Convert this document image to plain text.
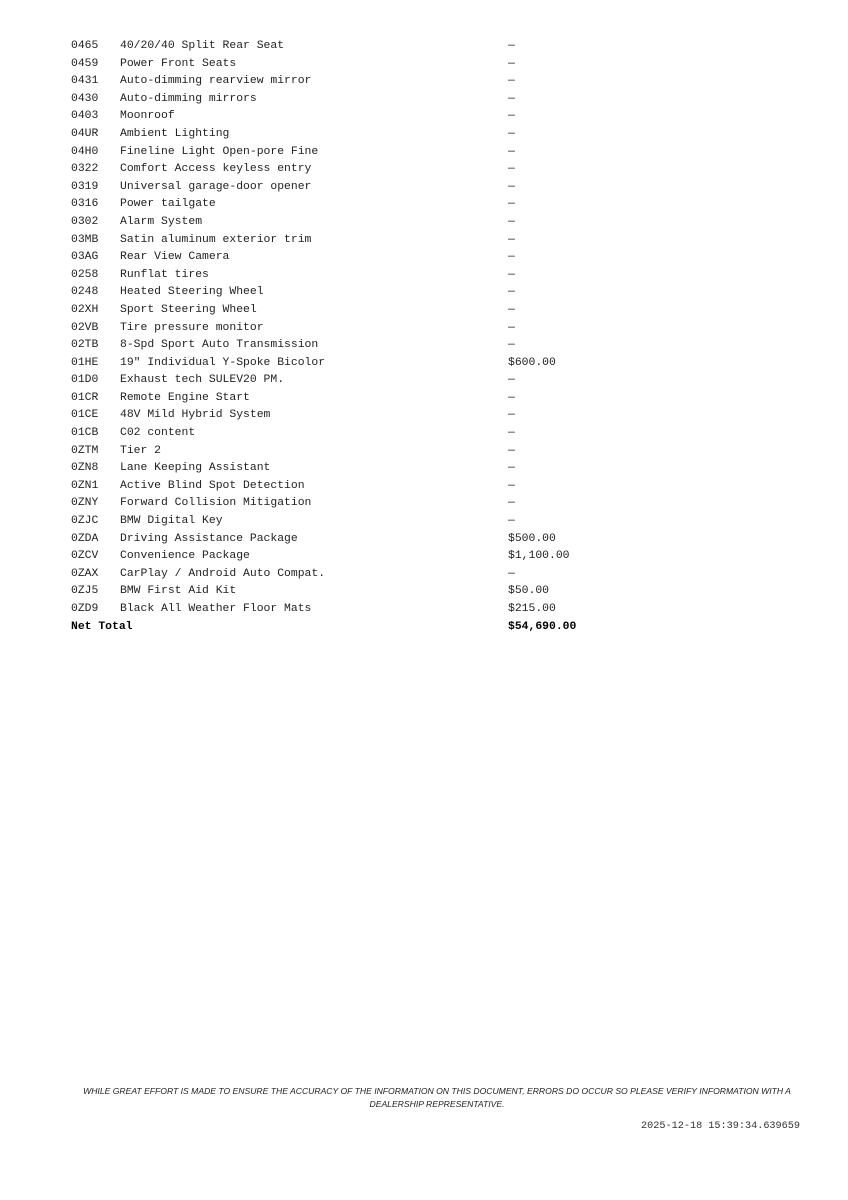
0465 40/20/40 Split Rear Seat	—
0459 Power Front Seats	—
0431 Auto-dimming rearview mirror	—
0430 Auto-dimming mirrors	—
0403 Moonroof	—
04UR Ambient Lighting	—
04H0 Fineline Light Open-pore Fine	—
0322 Comfort Access keyless entry	—
0319 Universal garage-door opener	—
0316 Power tailgate	—
0302 Alarm System	—
03MB Satin aluminum exterior trim	—
03AG Rear View Camera	—
0258 Runflat tires	—
0248 Heated Steering Wheel	—
02XH Sport Steering Wheel	—
02VB Tire pressure monitor	—
02TB 8-Spd Sport Auto Transmission	—
01HE 19" Individual Y-Spoke Bicolor	$600.00
01D0 Exhaust tech SULEV20 PM.	—
01CR Remote Engine Start	—
01CE 48V Mild Hybrid System	—
01CB C02 content	—
0ZTM Tier 2	—
0ZN8 Lane Keeping Assistant	—
0ZN1 Active Blind Spot Detection	—
0ZNY Forward Collision Mitigation	—
0ZJC BMW Digital Key	—
0ZDA Driving Assistance Package	$500.00
0ZCV Convenience Package	$1,100.00
0ZAX CarPlay / Android Auto Compat.	—
0ZJ5 BMW First Aid Kit	$50.00
0ZD9 Black All Weather Floor Mats	$215.00
Net Total	$54,690.00
WHILE GREAT EFFORT IS MADE TO ENSURE THE ACCURACY OF THE INFORMATION ON THIS DOCUMENT, ERRORS DO OCCUR SO PLEASE VERIFY INFORMATION WITH A DEALERSHIP REPRESENTATIVE.
2025-12-18 15:39:34.639659
